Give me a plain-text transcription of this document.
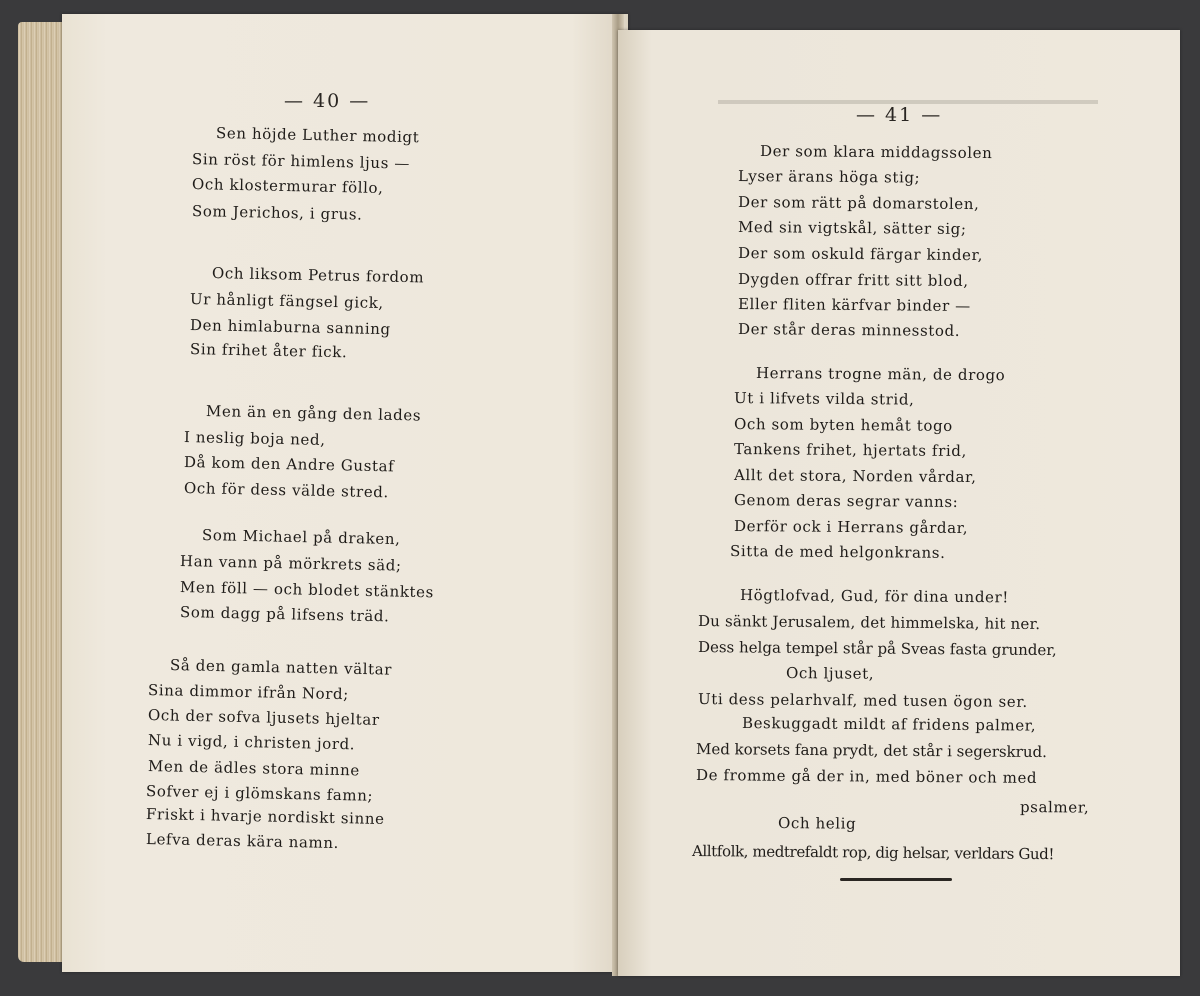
— 40 —
Sen höjde Luther modigt
Sin röst för himlens ljus —
Och klostermurar föllo,
Som Jerichos, i grus.
Och liksom Petrus fordom
Ur hånligt fängsel gick,
Den himlaburna sanning
Sin frihet åter fick.
Men än en gång den lades
I neslig boja ned,
Då kom den Andre Gustaf
Och för dess välde stred.
Som Michael på draken,
Han vann på mörkrets säd;
Men föll — och blodet stänktes
Som dagg på lifsens träd.
Så den gamla natten vältar
Sina dimmor ifrån Nord;
Och der sofva ljusets hjeltar
Nu i vigd, i christen jord.
Men de ädles stora minne
Sofver ej i glömskans famn;
Friskt i hvarje nordiskt sinne
Lefva deras kära namn.
— 41 —
Der som klara middagssolen
Lyser ärans höga stig;
Der som rätt på domarstolen,
Med sin vigtskål, sätter sig;
Der som oskuld färgar kinder,
Dygden offrar fritt sitt blod,
Eller fliten kärfvar binder —
Der står deras minnesstod.
Herrans trogne män, de drogo
Ut i lifvets vilda strid,
Och som byten hemåt togo
Tankens frihet, hjertats frid,
Allt det stora, Norden vårdar,
Genom deras segrar vanns:
Derför ock i Herrans gårdar,
Sitta de med helgonkrans.
Högtlofvad, Gud, för dina under!
Du sänkt Jerusalem, det himmelska, hit ner.
Dess helga tempel står på Sveas fasta grunder,
Och ljuset,
Uti dess pelarhvalf, med tusen ögon ser.
Beskuggadt mildt af fridens palmer,
Med korsets fana prydt, det står i segerskrud.
De fromme gå der in, med böner och med
psalmer,
Och helig
Alltfolk, medtrefaldt rop, dig helsar, verldars Gud!
